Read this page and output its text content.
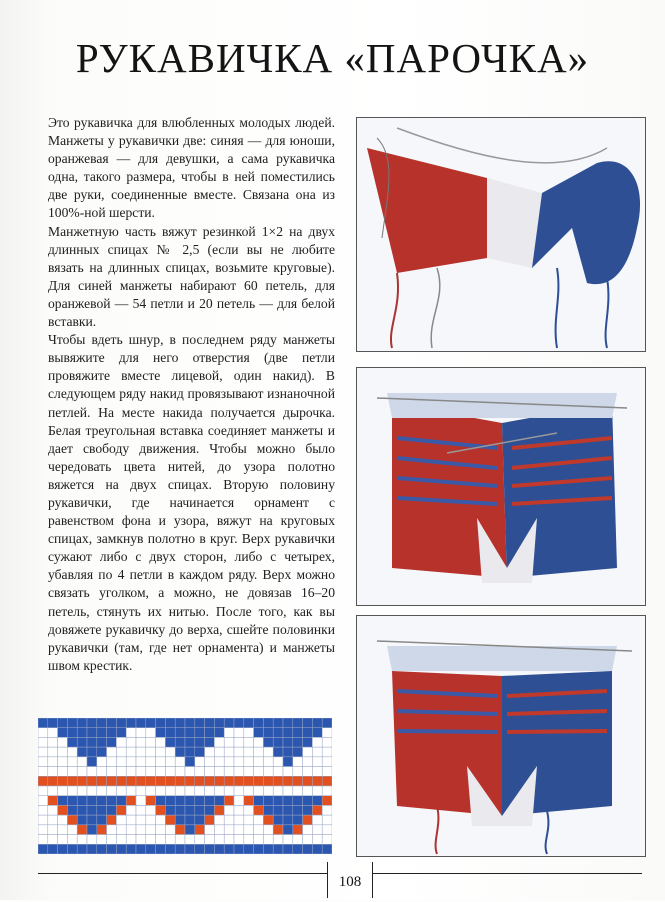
РУКАВИЧКА «ПАРОЧКА»

Это рукавичка для влюбленных молодых людей. Манжеты у рукавички две: синяя — для юноши, оранжевая — для девушки, а сама рукавичка одна, такого размера, чтобы в ней поместились две руки, соединенные вместе. Связана она из 100%-ной шерсти.

Манжетную часть вяжут резинкой 1×2 на двух длинных спицах № 2,5 (если вы не любите вязать на длинных спицах, возьмите круговые). Для синей манжеты набирают 60 петель, для оранжевой — 54 петли и 20 петель — для белой вставки.

Чтобы вдеть шнур, в последнем ряду манжеты вывяжите для него отверстия (две петли провяжите вместе лицевой, один накид). В следующем ряду накид провязывают изнаночной петлей. На месте накида получается дырочка. Белая треугольная вставка соединяет манжеты и дает свободу движения. Чтобы можно было чередовать цвета нитей, до узора полотно вяжется на двух спицах. Вторую половину рукавички, где начинается орнамент с равенством фона и узора, вяжут на круговых спицах, замкнув полотно в круг. Верх рукавички сужают либо с двух сторон, либо с четырех, убавляя по 4 петли в каждом ряду. Верх можно связать уголком, а можно, не довязав 16–20 петель, стянуть их нитью. После того, как вы довяжете рукавичку до верха, сшейте половинки рукавички (там, где нет орнамента) и манжеты швом крестик.

108
